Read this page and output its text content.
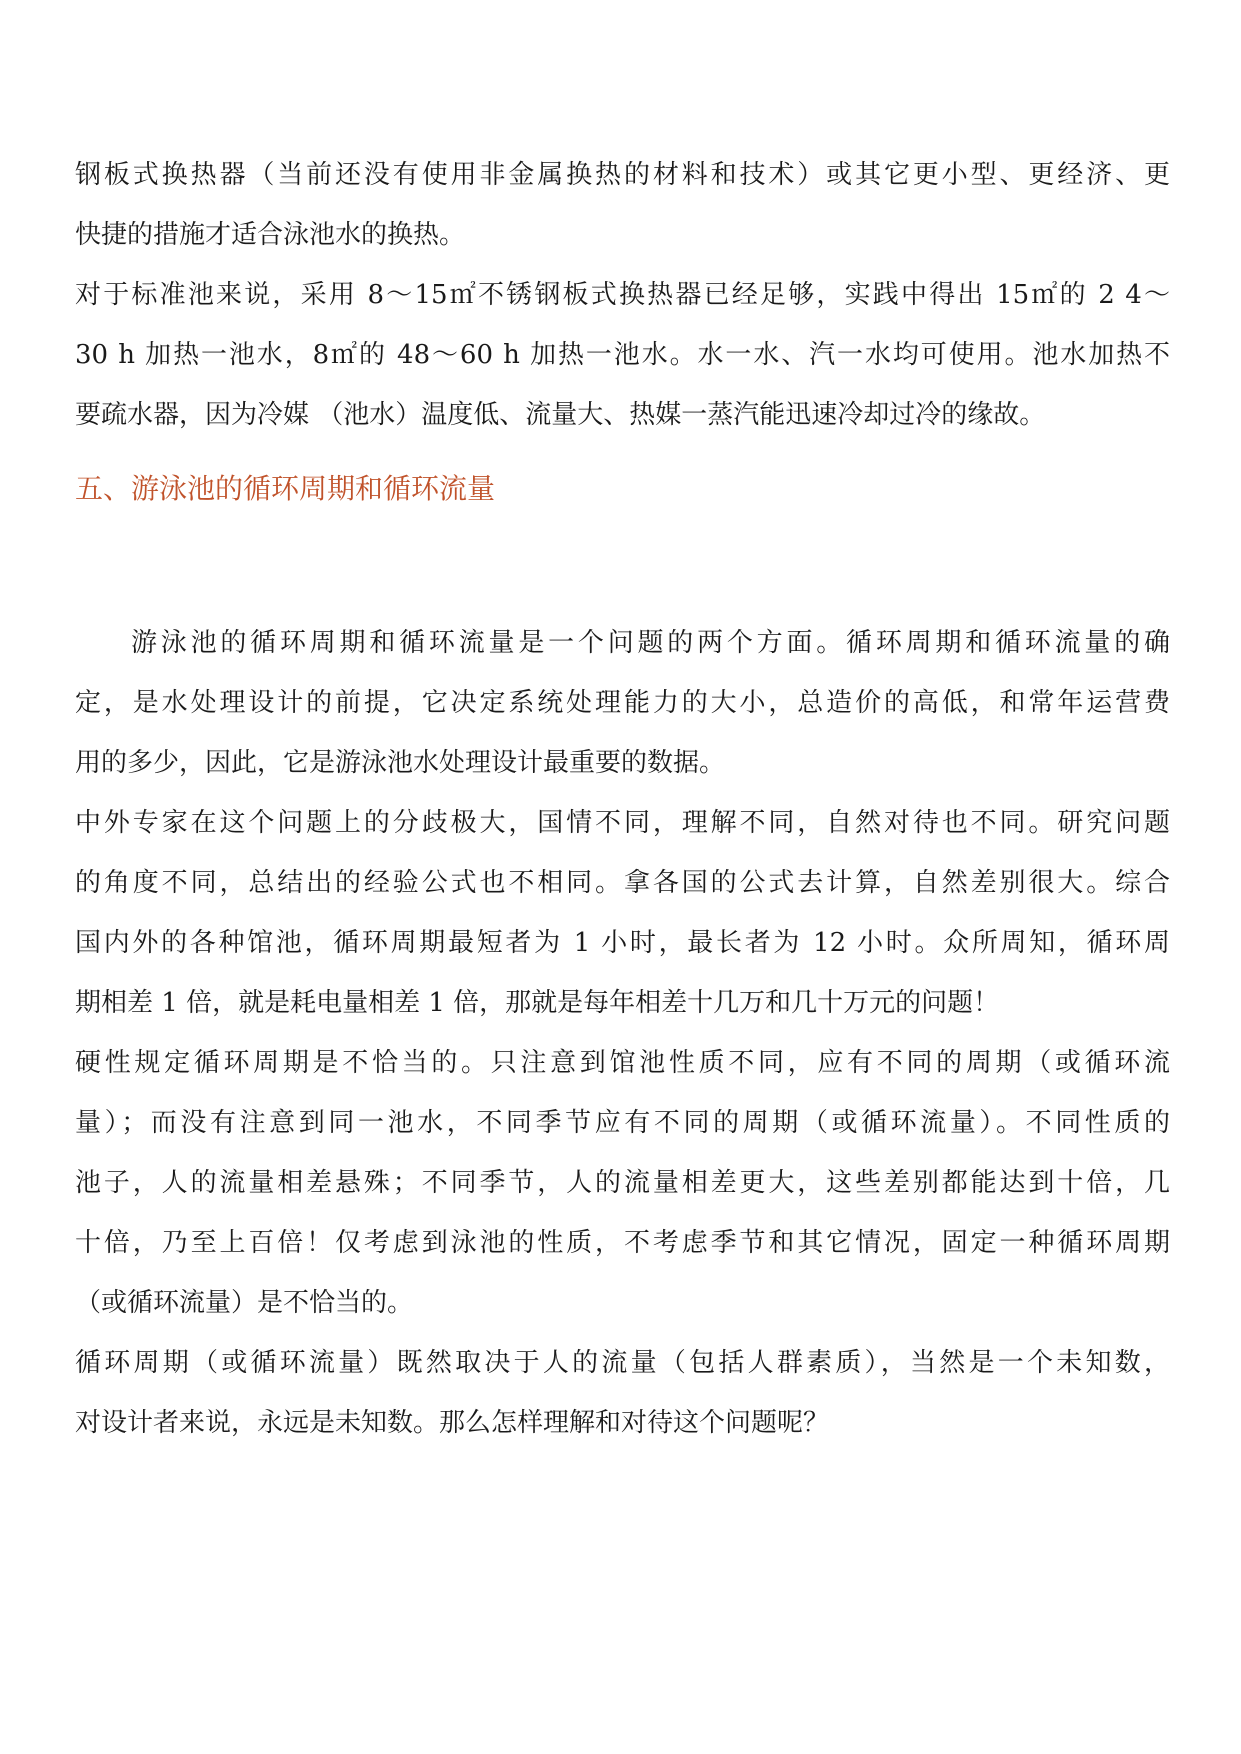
钢板式换热器（当前还没有使用非金属换热的材料和技术）或其它更小型、更经济、更
快捷的措施才适合泳池水的换热。
对于标准池来说，采用 8～15㎡不锈钢板式换热器已经足够，实践中得出 15㎡的 2 4～
30 h 加热一池水，8㎡的 48～60 h 加热一池水。水一水、汽一水均可使用。池水加热不
要疏水器，因为冷媒 （池水）温度低、流量大、热媒一蒸汽能迅速冷却过冷的缘故。
五、游泳池的循环周期和循环流量
游泳池的循环周期和循环流量是一个问题的两个方面。循环周期和循环流量的确
定，是水处理设计的前提，它决定系统处理能力的大小，总造价的高低，和常年运营费
用的多少，因此，它是游泳池水处理设计最重要的数据。
中外专家在这个问题上的分歧极大，国情不同，理解不同，自然对待也不同。研究问题
的角度不同，总结出的经验公式也不相同。拿各国的公式去计算，自然差别很大。综合
国内外的各种馆池，循环周期最短者为 1 小时，最长者为 12 小时。众所周知，循环周
期相差 1 倍，就是耗电量相差 1 倍，那就是每年相差十几万和几十万元的问题！
硬性规定循环周期是不恰当的。只注意到馆池性质不同，应有不同的周期（或循环流
量）；而没有注意到同一池水，不同季节应有不同的周期（或循环流量）。不同性质的
池子，人的流量相差悬殊；不同季节，人的流量相差更大，这些差别都能达到十倍，几
十倍，乃至上百倍！仅考虑到泳池的性质，不考虑季节和其它情况，固定一种循环周期
（或循环流量）是不恰当的。
循环周期（或循环流量）既然取决于人的流量（包括人群素质），当然是一个未知数，
对设计者来说，永远是未知数。那么怎样理解和对待这个问题呢？
